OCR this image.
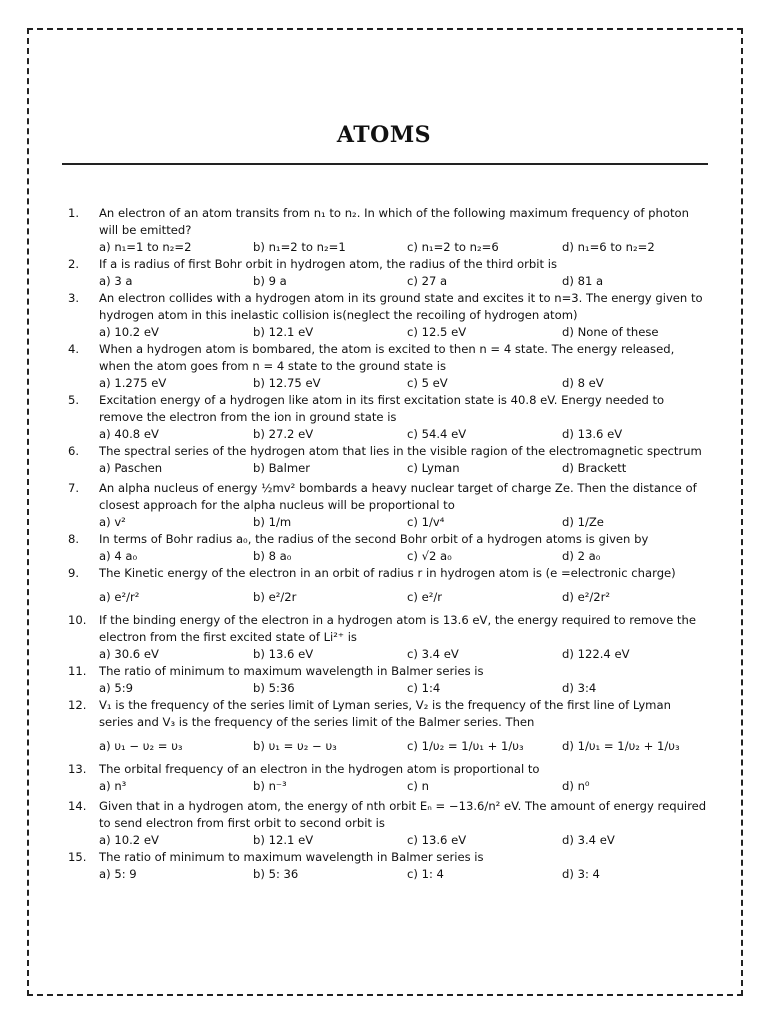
ATOMS
1.	An electron of an atom transits from n₁ to n₂. In which of the following maximum frequency of photon will be emitted?
a) n₁=1 to n₂=2	b) n₁=2 to n₂=1	c) n₁=2 to n₂=6	d) n₁=6 to n₂=2
2.	If a is radius of first Bohr orbit in hydrogen atom, the radius of the third orbit is
a) 3 a	b) 9 a	c) 27 a	d) 81 a
3.	An electron collides with a hydrogen atom in its ground state and excites it to n=3. The energy given to hydrogen atom in this inelastic collision is(neglect the recoiling of hydrogen atom)
a) 10.2 eV	b) 12.1 eV	c) 12.5 eV	d) None of these
4.	When a hydrogen atom is bombared, the atom is excited to then n = 4 state. The energy released, when the atom goes from n = 4 state to the ground state is
a) 1.275 eV	b) 12.75 eV	c) 5 eV	d) 8 eV
5.	Excitation energy of a hydrogen like atom in its first excitation state is 40.8 eV. Energy needed to remove the electron from the ion in ground state is
a) 40.8 eV	b) 27.2 eV	c) 54.4 eV	d) 13.6 eV
6.	The spectral series of the hydrogen atom that lies in the visible ragion of the electromagnetic spectrum
a) Paschen	b) Balmer	c) Lyman	d) Brackett
7.	An alpha nucleus of energy ½mv² bombards a heavy nuclear target of charge Ze. Then the distance of closest approach for the alpha nucleus will be proportional to
a) v²	b) 1/m	c) 1/v⁴	d) 1/Ze
8.	In terms of Bohr radius a₀, the radius of the second Bohr orbit of a hydrogen atoms is given by
a) 4 a₀	b) 8 a₀	c) √2 a₀	d) 2 a₀
9.	The Kinetic energy of the electron in an orbit of radius r in hydrogen atom is (e =electronic charge)
a) e²/r²	b) e²/2r	c) e²/r	d) e²/2r²
10.	If the binding energy of the electron in a hydrogen atom is 13.6 eV, the energy required to remove the electron from the first excited state of Li²⁺ is
a) 30.6 eV	b) 13.6 eV	c) 3.4 eV	d) 122.4 eV
11.	The ratio of minimum to maximum wavelength in Balmer series is
a) 5:9	b) 5:36	c) 1:4	d) 3:4
12.	V₁ is the frequency of the series limit of Lyman series, V₂ is the frequency of the first line of Lyman series and V₃ is the frequency of the series limit of the Balmer series. Then
a) υ₁ − υ₂ = υ₃	b) υ₁ = υ₂ − υ₃	c) 1/υ₂ = 1/υ₁ + 1/υ₃	d) 1/υ₁ = 1/υ₂ + 1/υ₃
13.	The orbital frequency of an electron in the hydrogen atom is proportional to
a) n³	b) n⁻³	c) n	d) n⁰
14.	Given that in a hydrogen atom, the energy of nth orbit Eₙ = −13.6/n² eV. The amount of energy required to send electron from first orbit to second orbit is
a) 10.2 eV	b) 12.1 eV	c) 13.6 eV	d) 3.4 eV
15.	The ratio of minimum to maximum wavelength in Balmer series is
a) 5: 9	b) 5: 36	c) 1: 4	d) 3: 4
